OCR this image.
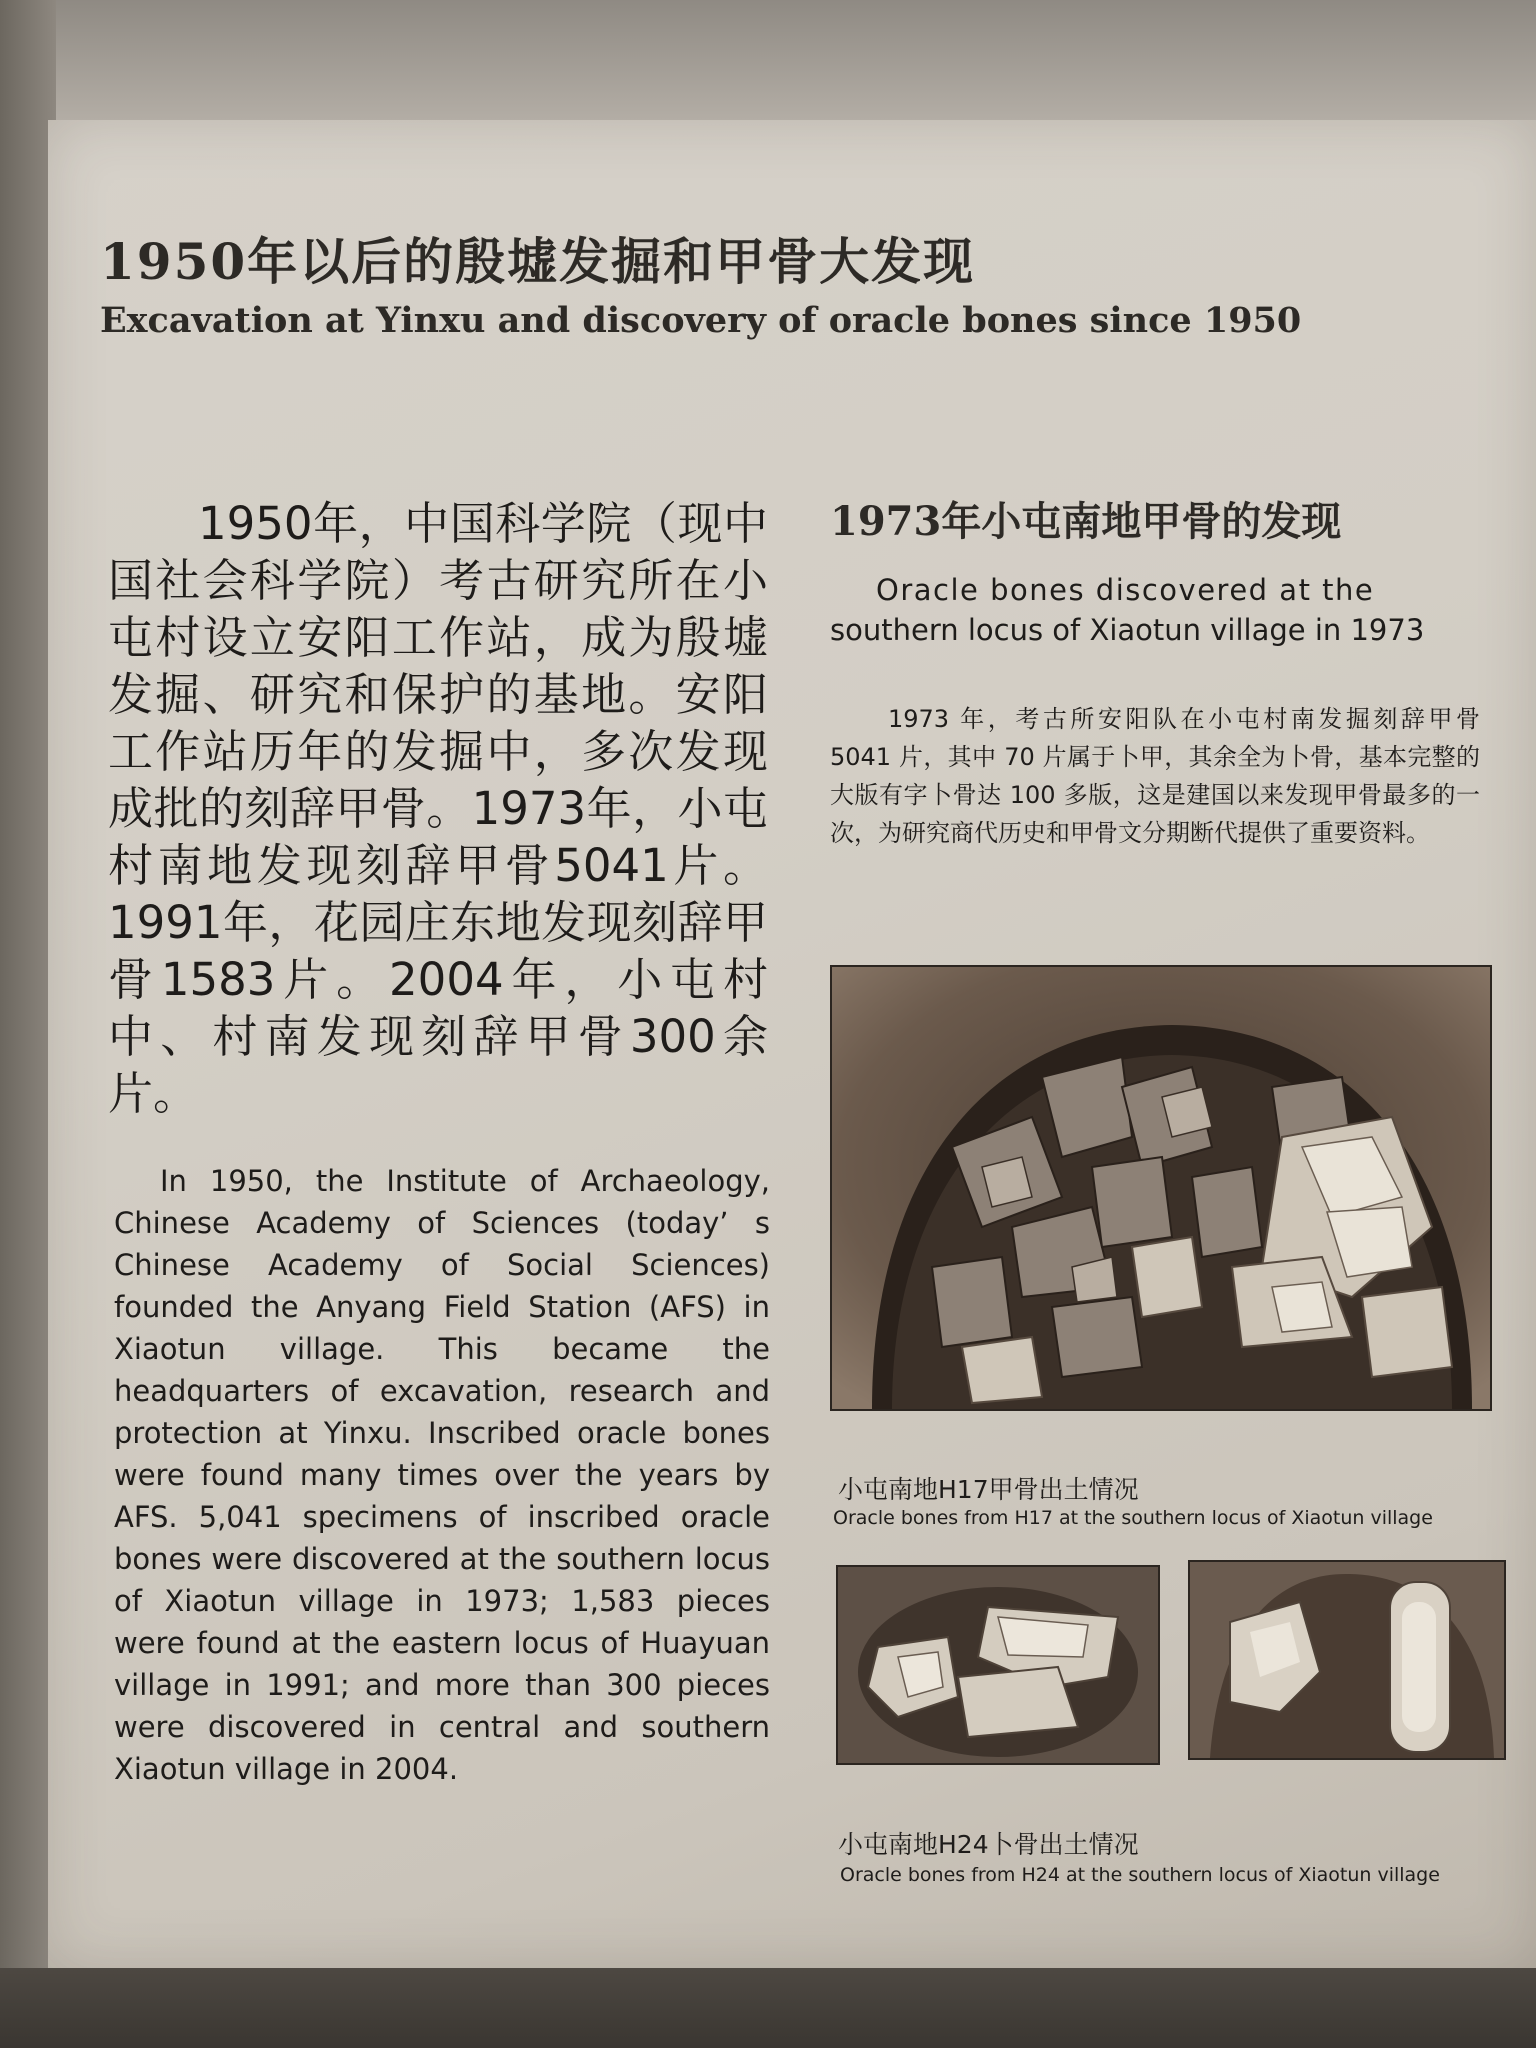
1950年以后的殷墟发掘和甲骨大发现
Excavation at Yinxu and discovery of oracle bones since 1950

1950年，中国科学院（现中国社会科学院）考古研究所在小屯村设立安阳工作站，成为殷墟发掘、研究和保护的基地。安阳工作站历年的发掘中，多次发现成批的刻辞甲骨。1973年，小屯村南地发现刻辞甲骨5041片。1991年，花园庄东地发现刻辞甲骨1583片。2004年，小屯村中、村南发现刻辞甲骨300余片。

In 1950, the Institute of Archaeology, Chinese Academy of Sciences (today’ s Chinese Academy of Social Sciences) founded the Anyang Field Station (AFS) in Xiaotun village. This became the headquarters of excavation, research and protection at Yinxu. Inscribed oracle bones were found many times over the years by AFS. 5,041 specimens of inscribed oracle bones were discovered at the southern locus of Xiaotun village in 1973; 1,583 pieces were found at the eastern locus of Huayuan village in 1991; and more than 300 pieces were discovered in central and southern Xiaotun village in 2004.

1973年小屯南地甲骨的发现

Oracle bones discovered at the
southern locus of Xiaotun village in 1973

1973 年，考古所安阳队在小屯村南发掘刻辞甲骨 5041 片，其中 70 片属于卜甲，其余全为卜骨，基本完整的大版有字卜骨达 100 多版，这是建国以来发现甲骨最多的一次，为研究商代历史和甲骨文分期断代提供了重要资料。

小屯南地H17甲骨出土情况
Oracle bones from H17 at the southern locus of Xiaotun village
小屯南地H24卜骨出土情况
Oracle bones from H24 at the southern locus of Xiaotun village
